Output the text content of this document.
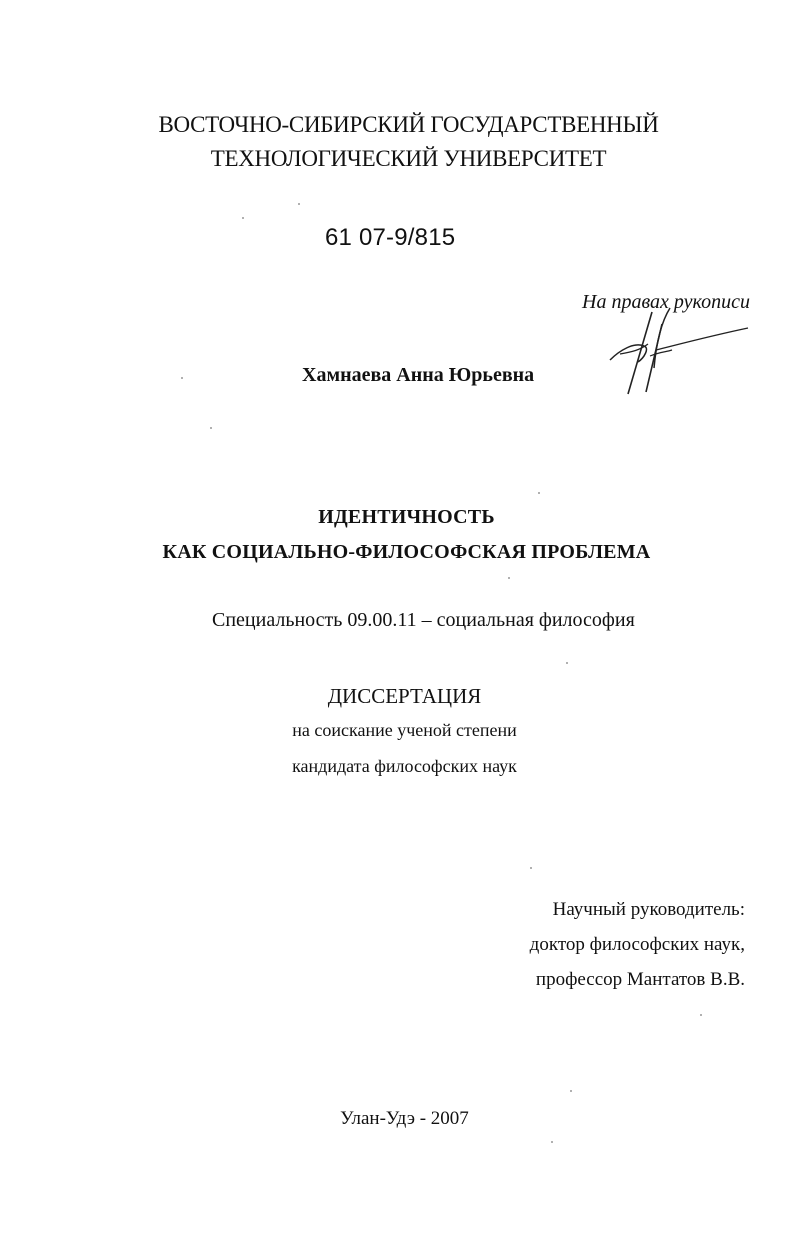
ВОСТОЧНО-СИБИРСКИЙ ГОСУДАРСТВЕННЫЙ
ТЕХНОЛОГИЧЕСКИЙ УНИВЕРСИТЕТ
61 07-9/815
На правах рукописи
Хамнаева Анна Юрьевна
ИДЕНТИЧНОСТЬ
КАК СОЦИАЛЬНО-ФИЛОСОФСКАЯ ПРОБЛЕМА
Специальность 09.00.11 – социальная философия
ДИССЕРТАЦИЯ
на соискание ученой степени
кандидата философских наук
Научный руководитель:
доктор философских наук,
профессор Мантатов В.В.
Улан-Удэ - 2007
